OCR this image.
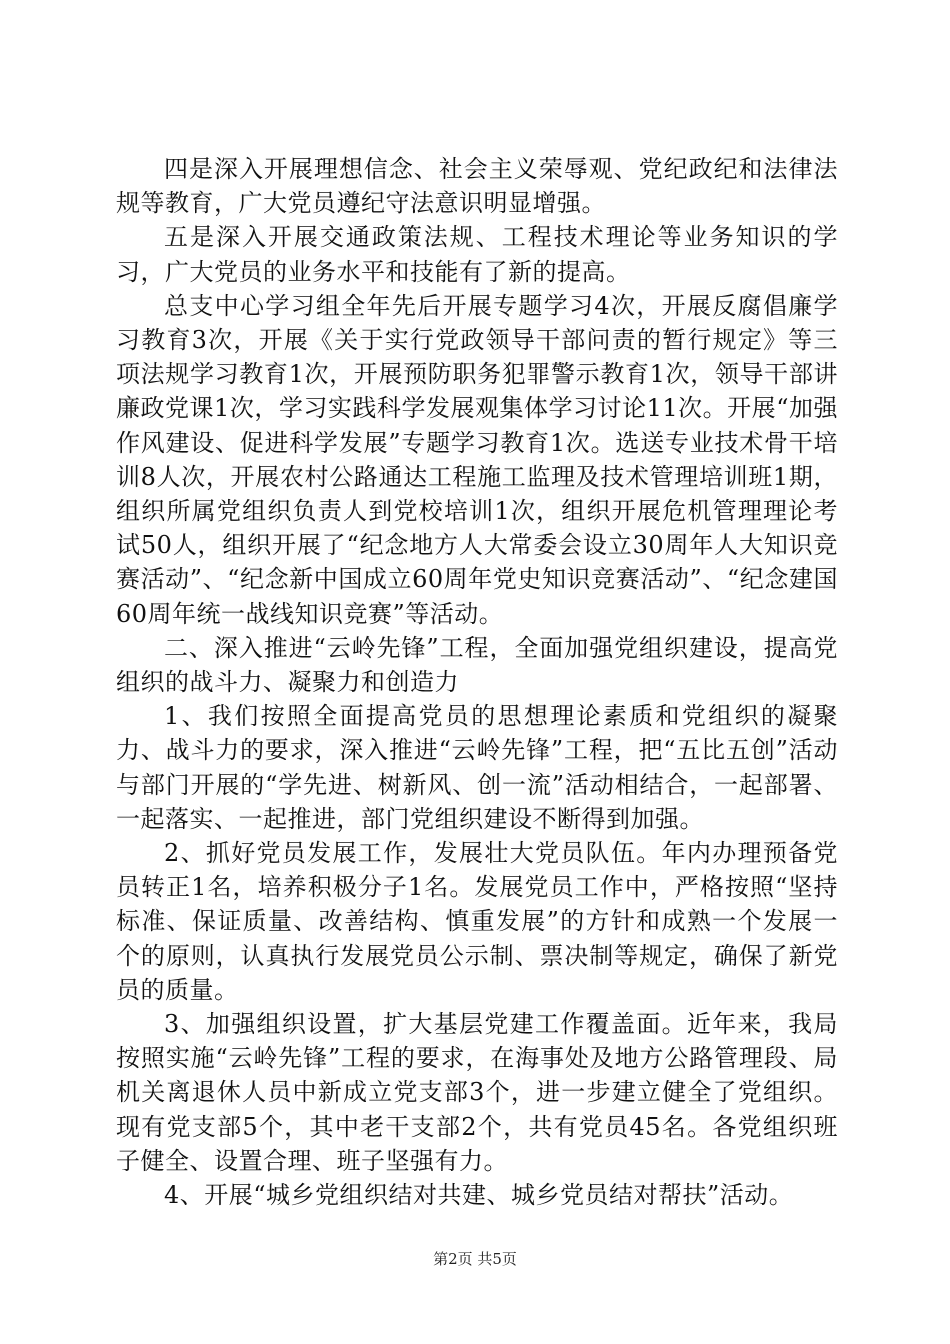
四是深入开展理想信念、社会主义荣辱观、党纪政纪和法律法规等教育，广大党员遵纪守法意识明显增强。

五是深入开展交通政策法规、工程技术理论等业务知识的学习，广大党员的业务水平和技能有了新的提高。

总支中心学习组全年先后开展专题学习4次，开展反腐倡廉学习教育3次，开展《关于实行党政领导干部问责的暂行规定》等三项法规学习教育1次，开展预防职务犯罪警示教育1次，领导干部讲廉政党课1次，学习实践科学发展观集体学习讨论11次。开展“加强作风建设、促进科学发展”专题学习教育1次。选送专业技术骨干培训8人次，开展农村公路通达工程施工监理及技术管理培训班1期，组织所属党组织负责人到党校培训1次，组织开展危机管理理论考试50人，组织开展了“纪念地方人大常委会设立30周年人大知识竞赛活动”、“纪念新中国成立60周年党史知识竞赛活动”、“纪念建国60周年统一战线知识竞赛”等活动。

二、深入推进“云岭先锋”工程，全面加强党组织建设，提高党组织的战斗力、凝聚力和创造力

1、我们按照全面提高党员的思想理论素质和党组织的凝聚力、战斗力的要求，深入推进“云岭先锋”工程，把“五比五创”活动与部门开展的“学先进、树新风、创一流”活动相结合，一起部署、一起落实、一起推进，部门党组织建设不断得到加强。

2、抓好党员发展工作，发展壮大党员队伍。年内办理预备党员转正1名，培养积极分子1名。发展党员工作中，严格按照“坚持标准、保证质量、改善结构、慎重发展”的方针和成熟一个发展一个的原则，认真执行发展党员公示制、票决制等规定，确保了新党员的质量。

3、加强组织设置，扩大基层党建工作覆盖面。近年来，我局按照实施“云岭先锋”工程的要求，在海事处及地方公路管理段、局机关离退休人员中新成立党支部3个，进一步建立健全了党组织。现有党支部5个，其中老干支部2个，共有党员45名。各党组织班子健全、设置合理、班子坚强有力。

4、开展“城乡党组织结对共建、城乡党员结对帮扶”活动。

第2页 共5页
